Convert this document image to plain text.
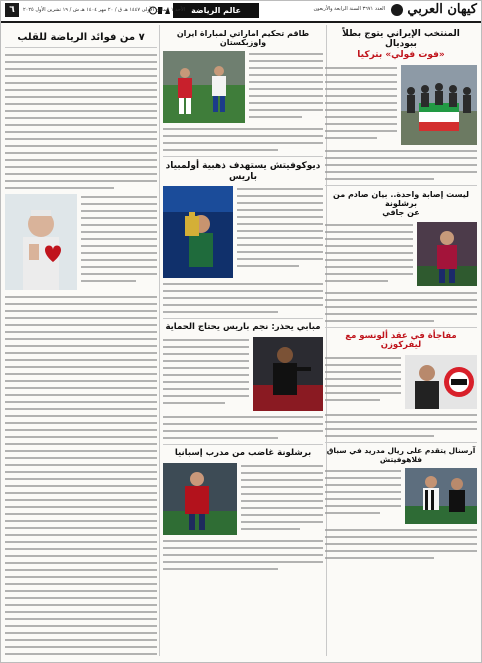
كيهان العربي
العدد ٣٦٧١ السنة الرابعة والأربعون
عالم الرياضة
الأحد ١ جمادى الأولى ١٤٤٧ هـ ق / ٢٠ مهر ١٤٠٤ هـ ش / ١٩ تشرين الأول ٢٠٢٥
٦
المنتخب الإيراني يتوج بطلاً ببوديال
«فوت فولي» بتركيا
ليست إصابة واحدة.. بيان صادم من برشلونة
عن جافي
مفاجأة في عقد ألونسو مع ليفركوزن
آرسنال يتقدم على ريال مدريد في سباق فلاهوفيتش
طاقم تحكيم اماراتي لمباراة ايران واوزبكستان
ديوكوفيتش يستهدف ذهبية أولمبياد باريس
مبابي يحذر: نجم باريس يحتاج الحماية
برشلونة غاضب من مدرب إسبانيا
٧ من فوائد الرياضة للقلب
